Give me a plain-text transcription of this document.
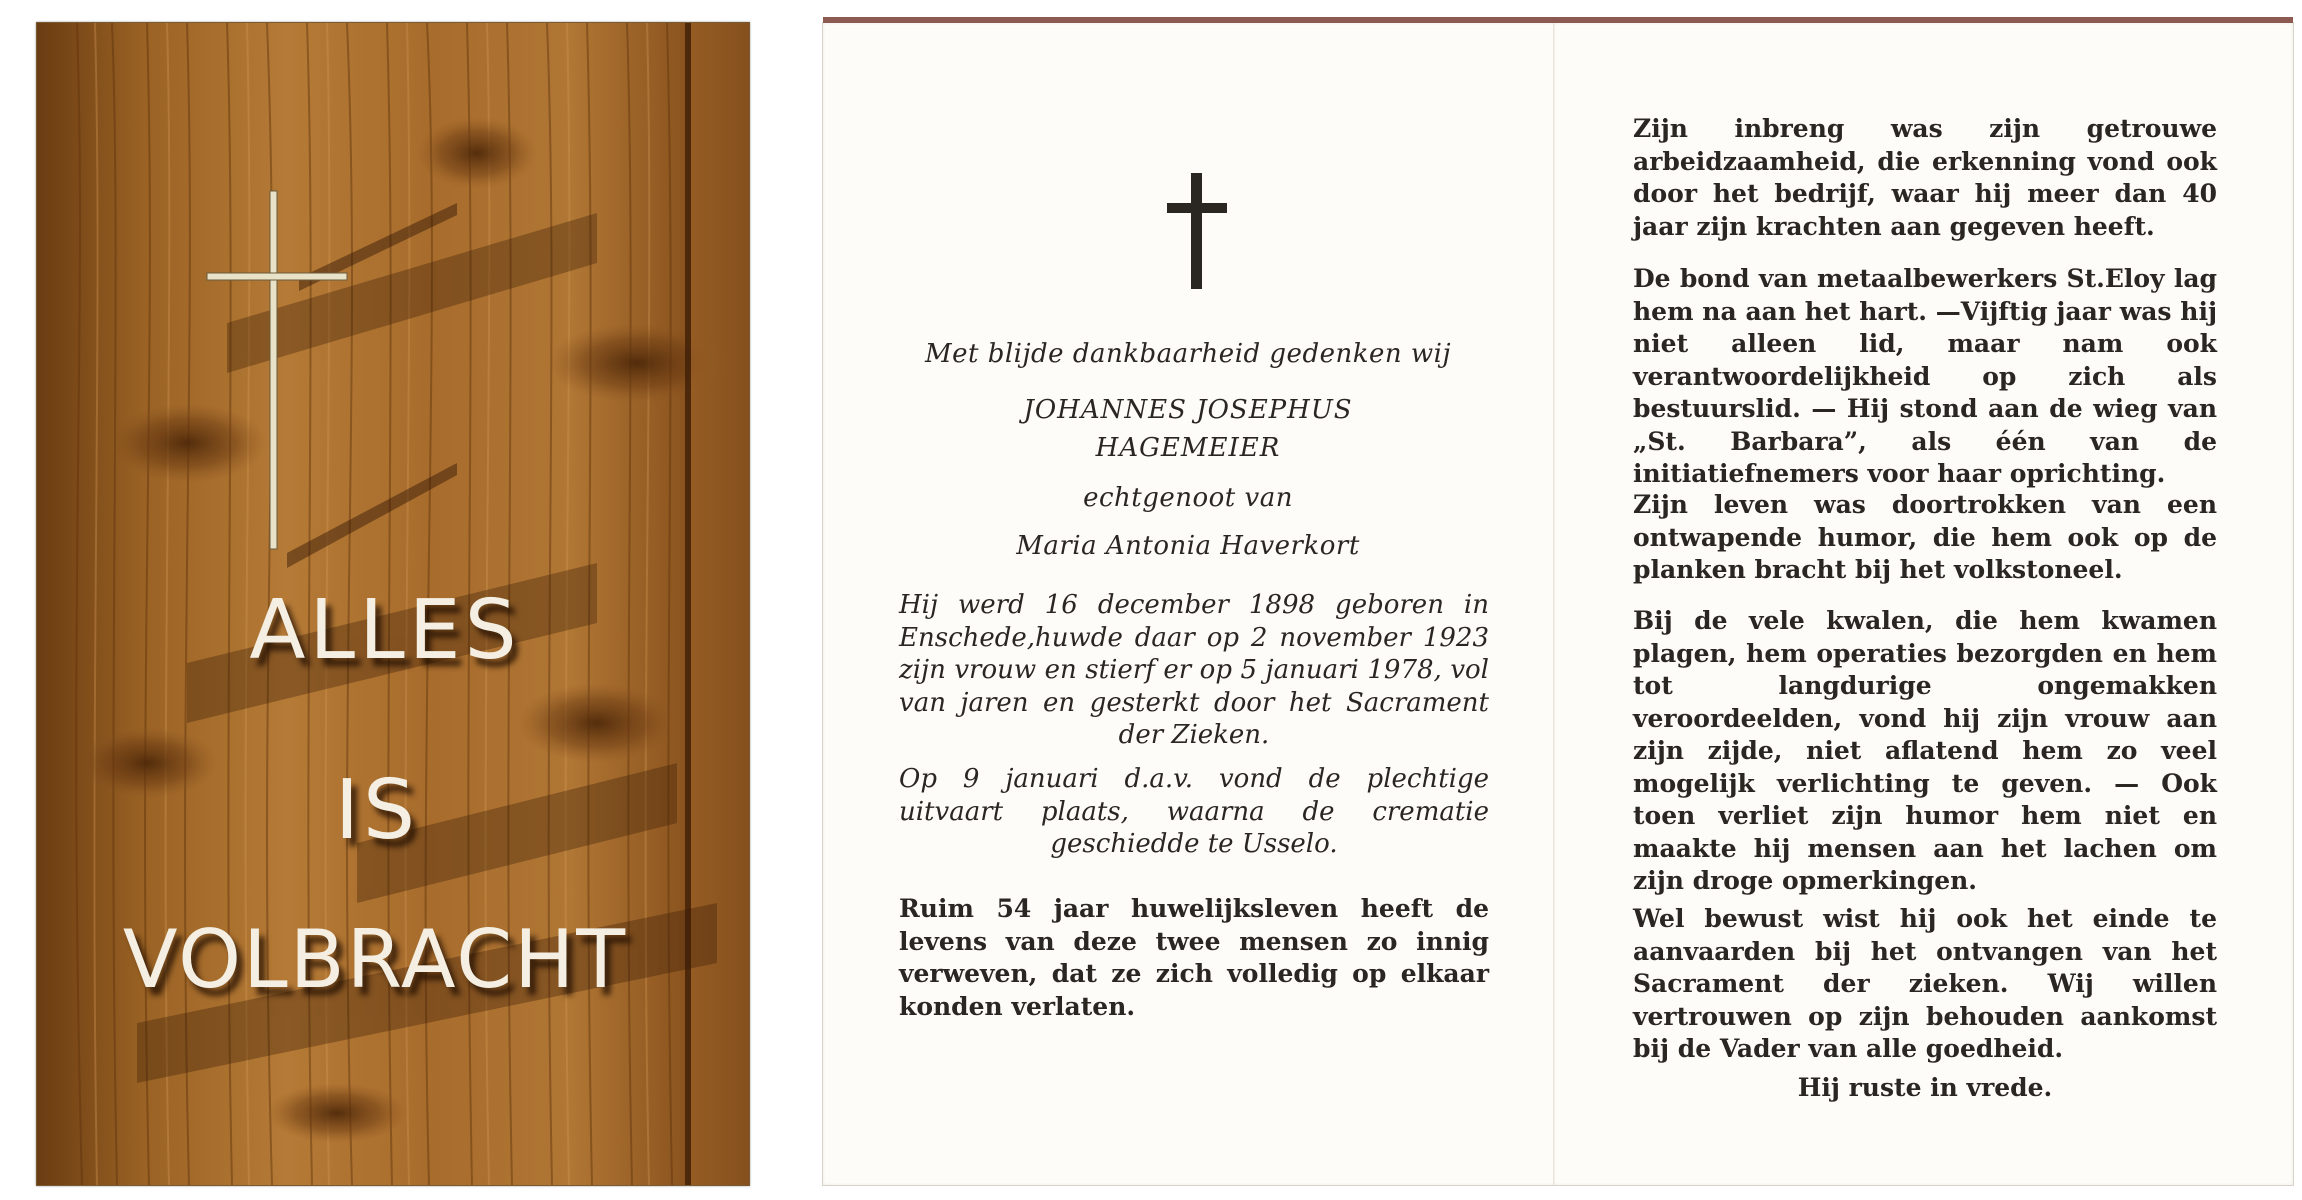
ALLES
IS
VOLBRACHT
Met blijde dankbaarheid gedenken wij
JOHANNES JOSEPHUS
HAGEMEIER
echtgenoot van
Maria Antonia Haverkort
Hij werd 16 december 1898 geboren in Enschede,huwde daar op 2 november 1923 zijn vrouw en stierf er op 5 januari 1978, vol van jaren en gesterkt door het Sacrament der Zieken.
Op 9 januari d.a.v. vond de plechtige uitvaart plaats, waarna de crematie geschiedde te Usselo.
Ruim 54 jaar huwelijksleven heeft de levens van deze twee mensen zo innig verweven, dat ze zich volledig op elkaar konden verlaten.
Zijn inbreng was zijn getrouwe arbeidzaamheid, die erkenning vond ook door het bedrijf, waar hij meer dan 40 jaar zijn krachten aan gegeven heeft.
De bond van metaalbewerkers St.Eloy lag hem na aan het hart. —Vijftig jaar was hij niet alleen lid, maar nam ook verantwoordelijkheid op zich als bestuurslid. — Hij stond aan de wieg van „St. Barbara”, als één van de initiatiefnemers voor haar oprichting.
Zijn leven was doortrokken van een ontwapende humor, die hem ook op de planken bracht bij het volkstoneel.
Bij de vele kwalen, die hem kwamen plagen, hem operaties bezorgden en hem tot langdurige ongemakken veroordeelden, vond hij zijn vrouw aan zijn zijde, niet aflatend hem zo veel mogelijk verlichting te geven. — Ook toen verliet zijn humor hem niet en maakte hij mensen aan het lachen om zijn droge opmerkingen.
Wel bewust wist hij ook het einde te aanvaarden bij het ontvangen van het Sacrament der zieken. Wij willen vertrouwen op zijn behouden aankomst bij de Vader van alle goedheid.
Hij ruste in vrede.
